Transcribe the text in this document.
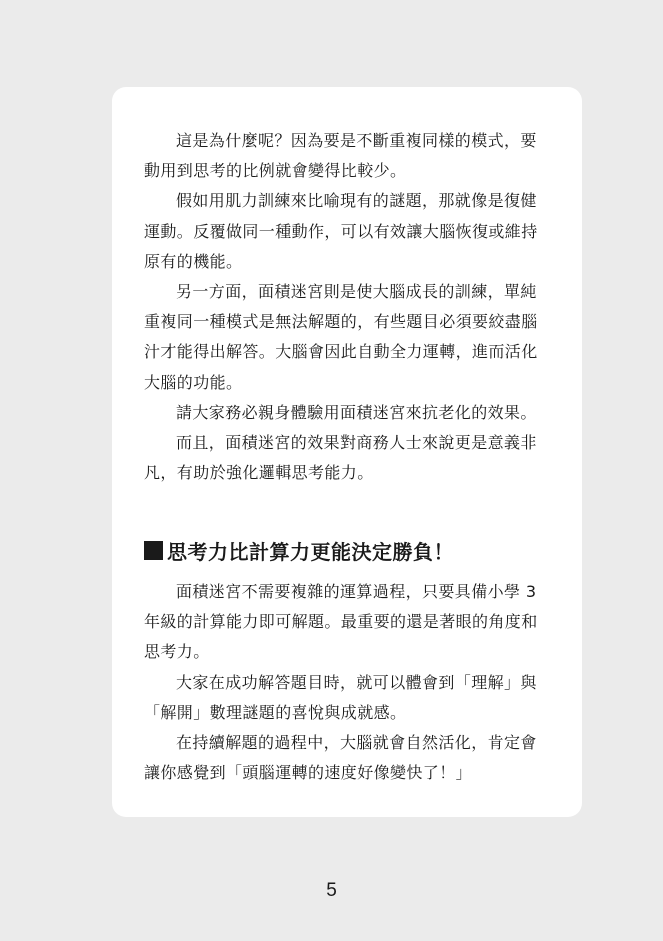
這是為什麼呢？因為要是不斷重複同樣的模式，要

動用到思考的比例就會變得比較少。

假如用肌力訓練來比喻現有的謎題，那就像是復健

運動。反覆做同一種動作，可以有效讓大腦恢復或維持

原有的機能。

另一方面，面積迷宮則是使大腦成長的訓練，單純

重複同一種模式是無法解題的，有些題目必須要絞盡腦

汁才能得出解答。大腦會因此自動全力運轉，進而活化

大腦的功能。

請大家務必親身體驗用面積迷宮來抗老化的效果。

而且，面積迷宮的效果對商務人士來說更是意義非

凡，有助於強化邏輯思考能力。

思考力比計算力更能決定勝負！

面積迷宮不需要複雜的運算過程，只要具備小學 3

年級的計算能力即可解題。最重要的還是著眼的角度和

思考力。

大家在成功解答題目時，就可以體會到「理解」與

「解開」數理謎題的喜悅與成就感。

在持續解題的過程中，大腦就會自然活化，肯定會

讓你感覺到「頭腦運轉的速度好像變快了！」

5
